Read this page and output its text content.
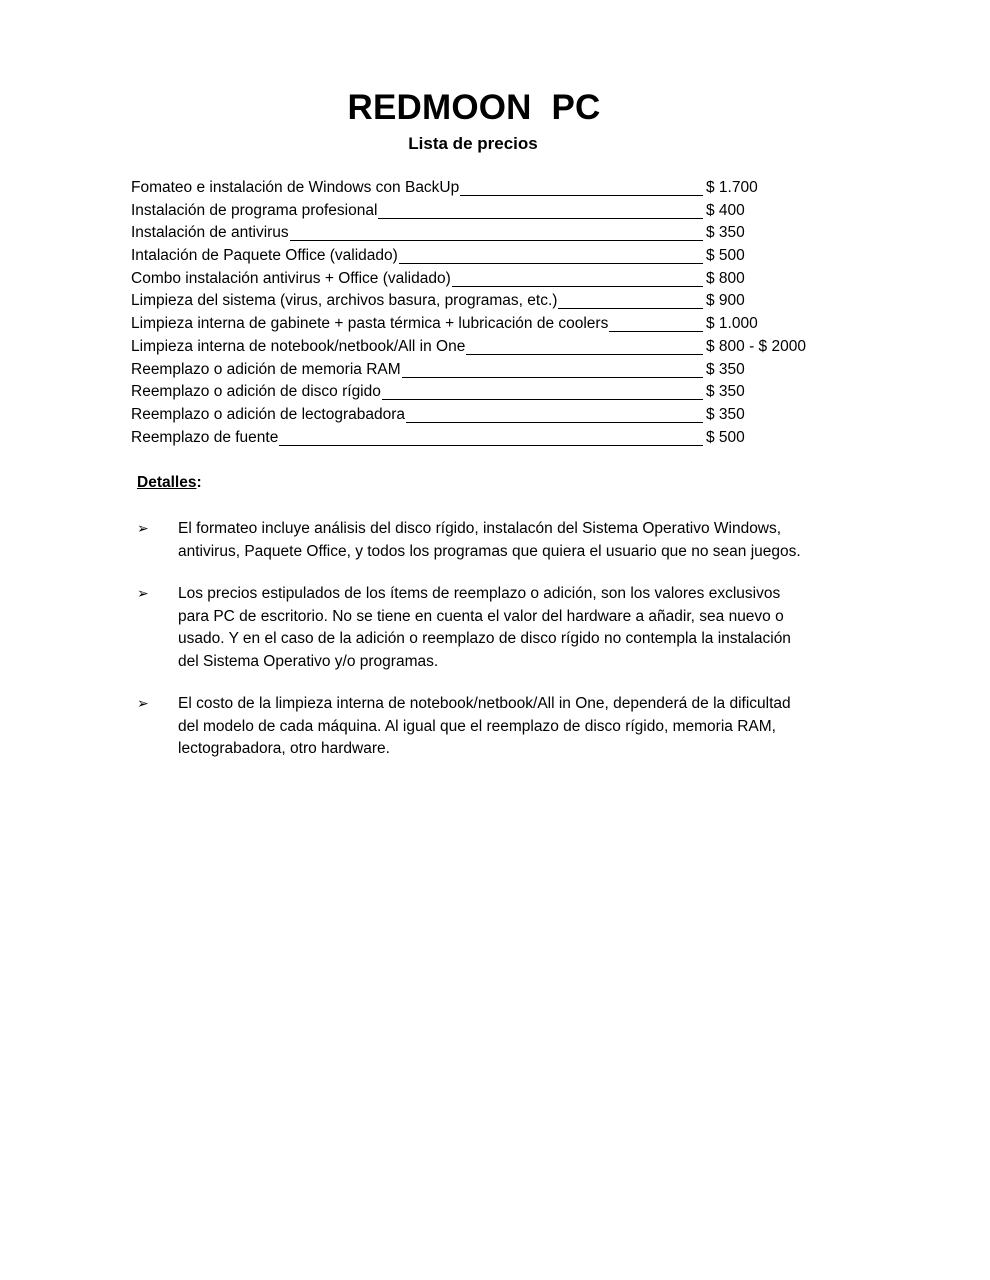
REDMOON  PC
Lista de precios
Fomateo e instalación de Windows con BackUp	$ 1.700
Instalación de programa profesional	$ 400
Instalación de antivirus	$ 350
Intalación de Paquete Office (validado)	$ 500
Combo instalación antivirus + Office (validado)	$ 800
Limpieza del sistema (virus, archivos basura, programas, etc.)	$ 900
Limpieza interna de gabinete + pasta térmica + lubricación de coolers	$ 1.000
Limpieza interna de notebook/netbook/All in One	$ 800 - $ 2000
Reemplazo o adición de memoria RAM	$ 350
Reemplazo o adición de disco rígido	$ 350
Reemplazo o adición de lectograbadora	$ 350
Reemplazo de fuente	$ 500
Detalles:
➢ El formateo incluye análisis del disco rígido, instalacón del Sistema Operativo Windows, antivirus, Paquete Office, y todos los programas que quiera el usuario que no sean juegos.
➢ Los precios estipulados de los ítems de reemplazo o adición, son los valores exclusivos para PC de escritorio. No se tiene en cuenta el valor del hardware a añadir, sea nuevo o usado. Y en el caso de la adición o reemplazo de disco rígido no contempla la instalación del Sistema Operativo y/o programas.
➢ El costo de la limpieza interna de notebook/netbook/All in One, dependerá de la dificultad del modelo de cada máquina. Al igual que el reemplazo de disco rígido, memoria RAM, lectograbadora, otro hardware.
